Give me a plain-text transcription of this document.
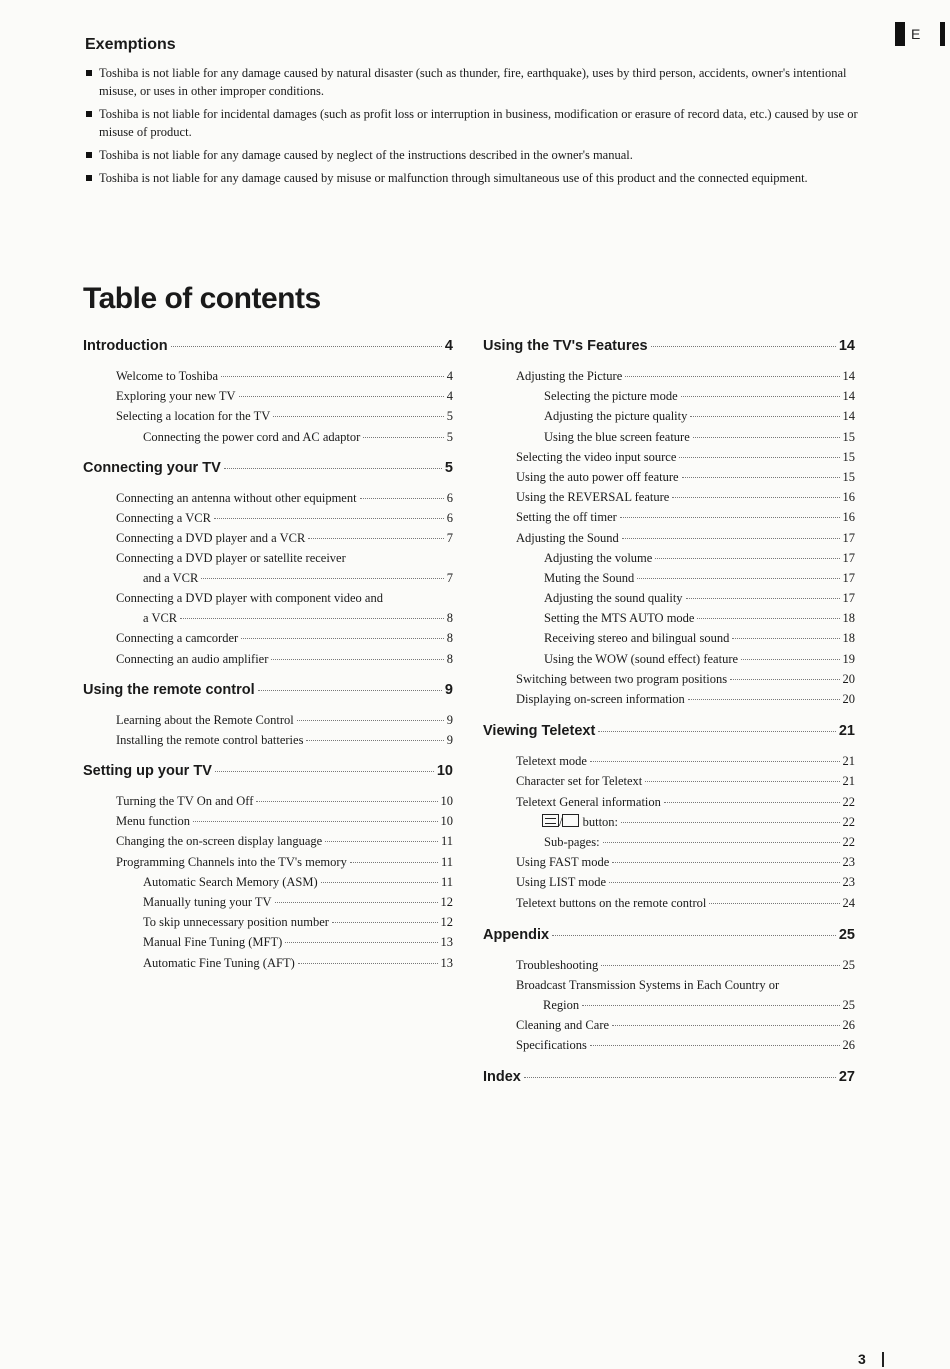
E
Exemptions
Toshiba is not liable for any damage caused by natural disaster (such as thunder, fire, earthquake), uses by third person, accidents, owner's intentional misuse, or uses in other improper conditions.
Toshiba is not liable for incidental damages (such as profit loss or interruption in business, modification or erasure of record data, etc.) caused by use or misuse of product.
Toshiba is not liable for any damage caused by neglect of the instructions described in the owner's manual.
Toshiba is not liable for any damage caused by misuse or malfunction through simultaneous use of this product and the connected equipment.
Table of contents
Introduction	4
Welcome to Toshiba	4
Exploring your new TV	4
Selecting a location for the TV	5
Connecting the power cord and AC adaptor	5
Connecting your TV	5
Connecting an antenna without other equipment	6
Connecting a VCR	6
Connecting a DVD player and a VCR	7
Connecting a DVD player or satellite receiver
and a VCR	7
Connecting a DVD player with component video and
a VCR	8
Connecting a camcorder	8
Connecting an audio amplifier	8
Using the remote control	9
Learning about the Remote Control	9
Installing the remote control batteries	9
Setting up your TV	10
Turning the TV On and Off	10
Menu function	10
Changing the on-screen display language	11
Programming Channels into the TV's memory	11
Automatic Search Memory (ASM)	11
Manually tuning your TV	12
To skip unnecessary position number	12
Manual Fine Tuning (MFT)	13
Automatic Fine Tuning (AFT)	13
Using the TV's Features	14
Adjusting the Picture	14
Selecting the picture mode	14
Adjusting the picture quality	14
Using the blue screen feature	15
Selecting the video input source	15
Using the auto power off feature	15
Using the REVERSAL feature	16
Setting the off timer	16
Adjusting the Sound	17
Adjusting the volume	17
Muting the Sound	17
Adjusting the sound quality	17
Setting the MTS AUTO mode	18
Receiving stereo and bilingual sound	18
Using the WOW (sound effect) feature	19
Switching between two program positions	20
Displaying on-screen information	20
Viewing Teletext	21
Teletext mode	21
Character set for Teletext	21
Teletext General information	22
/ button:	22
Sub-pages:	22
Using FAST mode	23
Using LIST mode	23
Teletext buttons on the remote control	24
Appendix	25
Troubleshooting	25
Broadcast Transmission Systems in Each Country or
Region	25
Cleaning and Care	26
Specifications	26
Index	27
3
